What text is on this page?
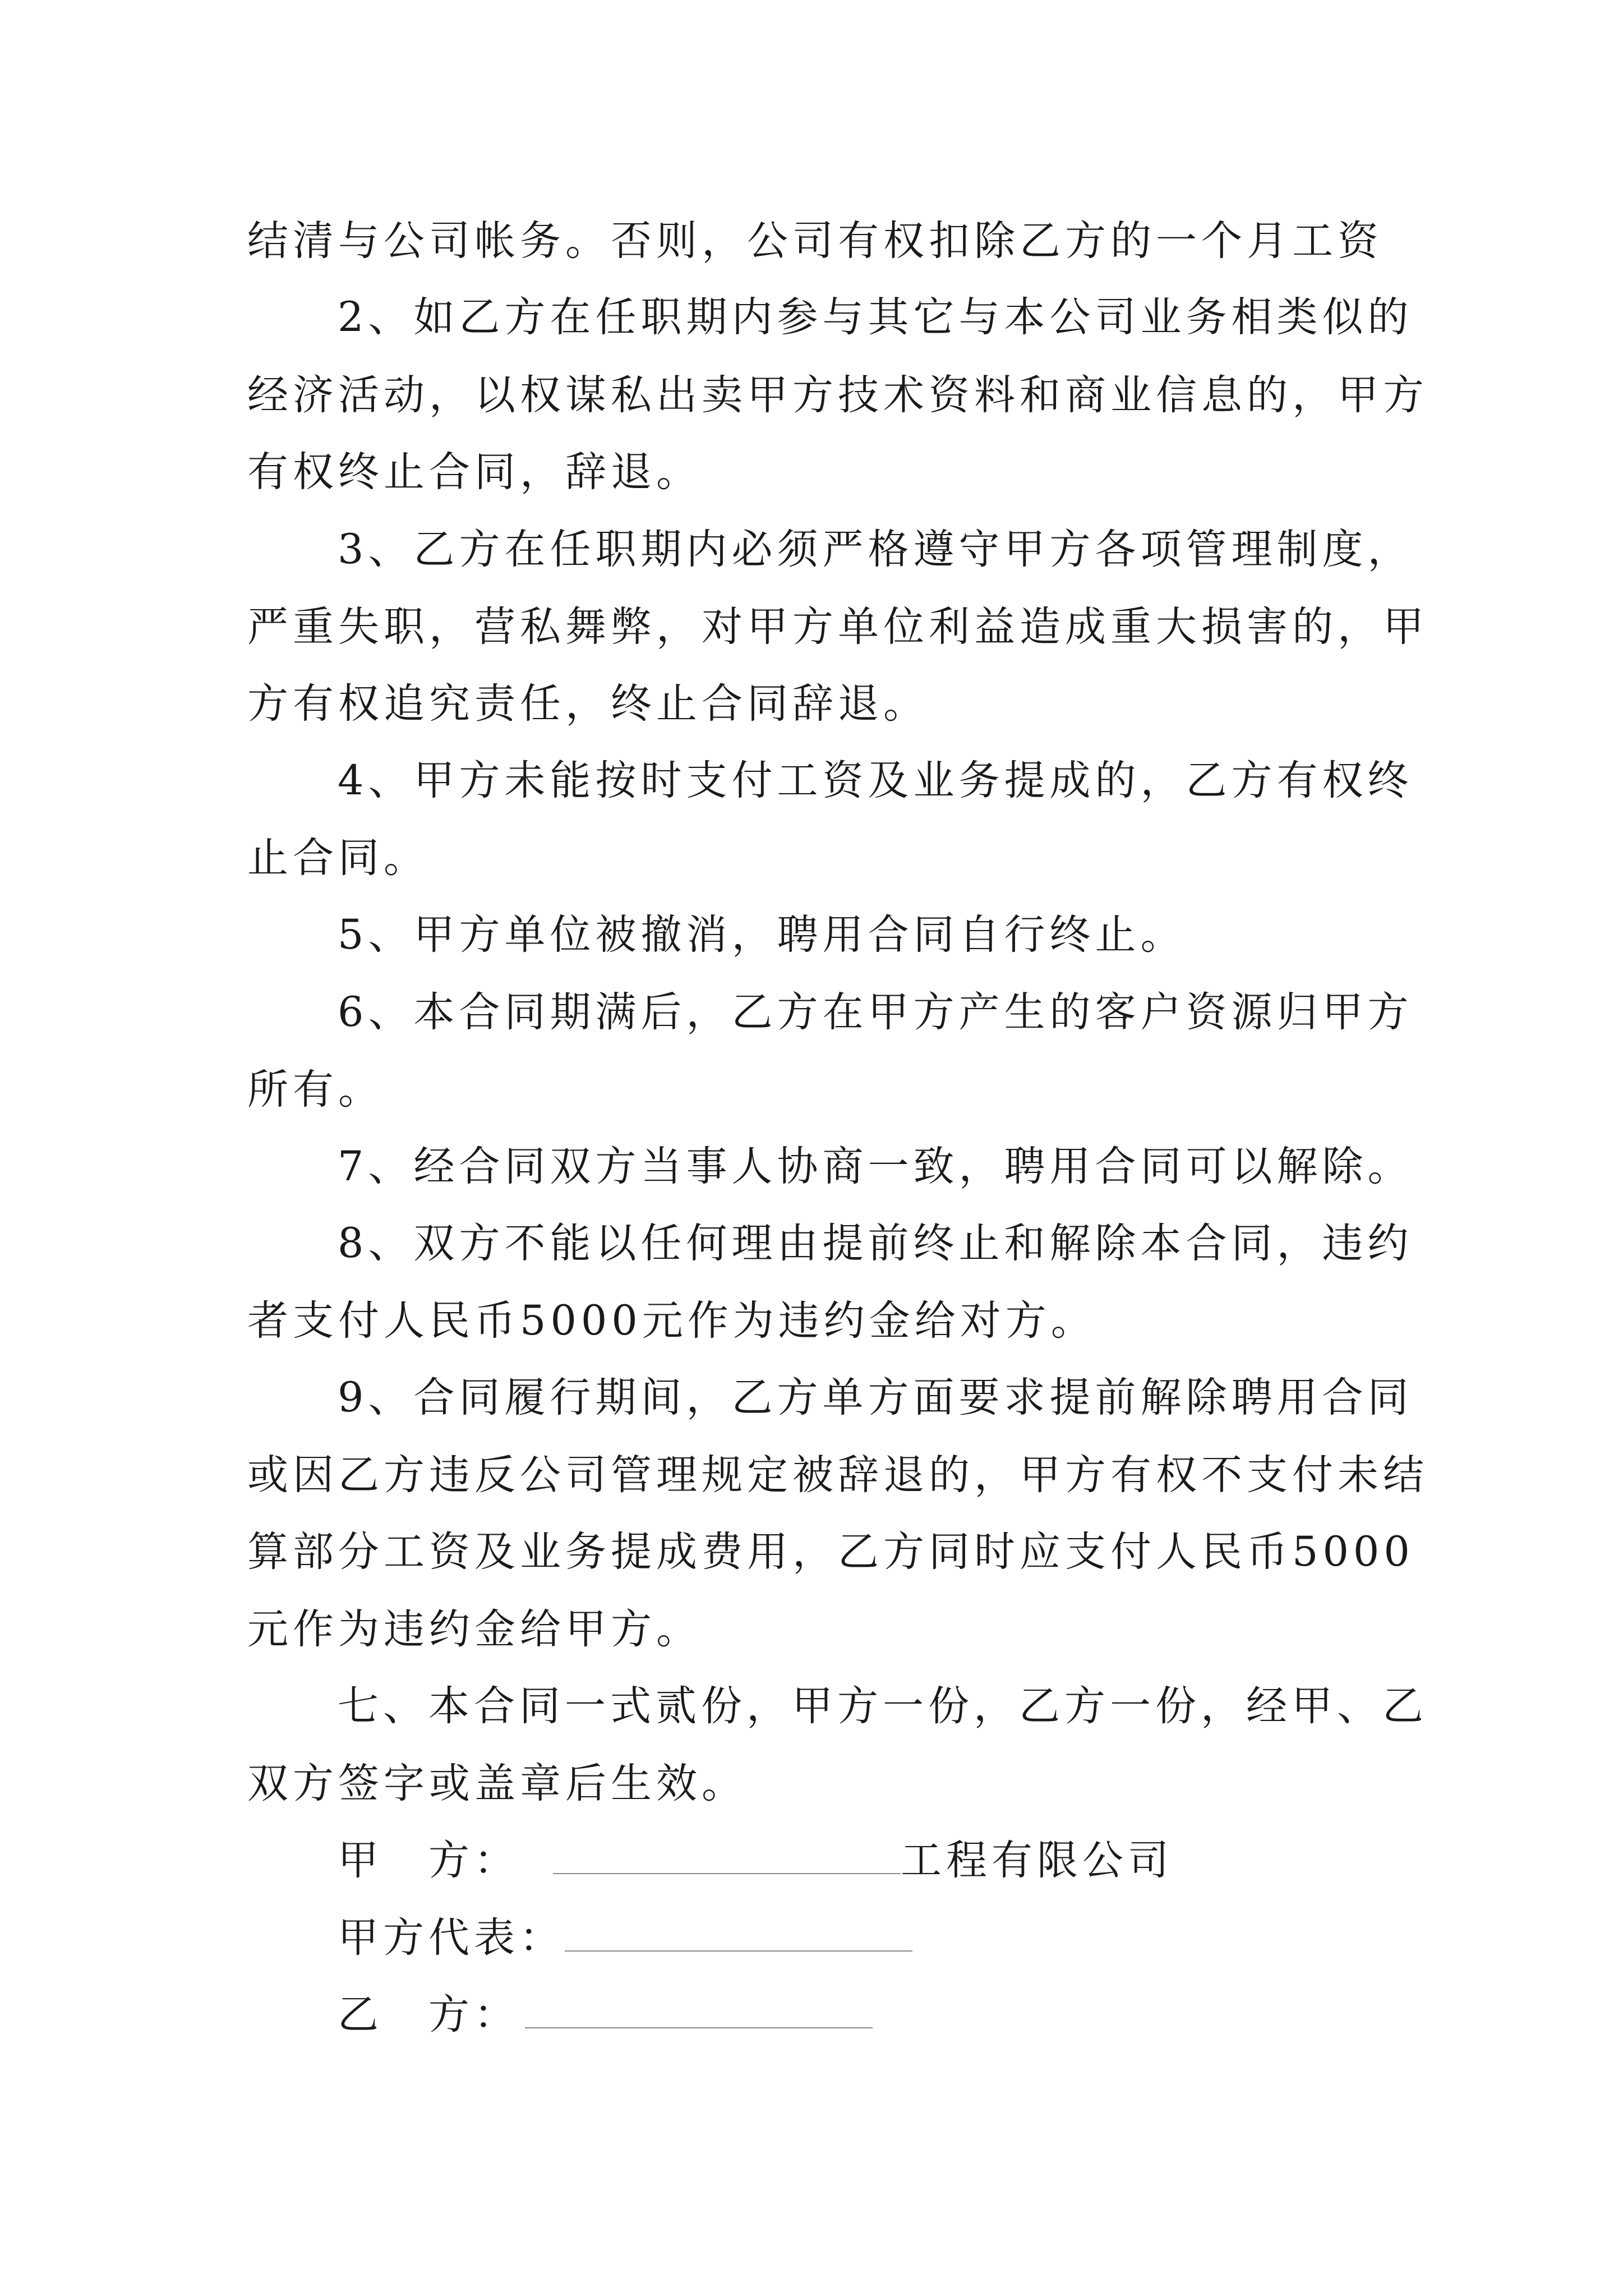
结清与公司帐务。否则，公司有权扣除乙方的一个月工资
2、如乙方在任职期内参与其它与本公司业务相类似的
经济活动，以权谋私出卖甲方技术资料和商业信息的，甲方
有权终止合同，辞退。
3、乙方在任职期内必须严格遵守甲方各项管理制度，
严重失职，营私舞弊，对甲方单位利益造成重大损害的，甲
方有权追究责任，终止合同辞退。
4、甲方未能按时支付工资及业务提成的，乙方有权终
止合同。
5、甲方单位被撤消，聘用合同自行终止。
6、本合同期满后，乙方在甲方产生的客户资源归甲方
所有。
7、经合同双方当事人协商一致，聘用合同可以解除。
8、双方不能以任何理由提前终止和解除本合同，违约
者支付人民币5000元作为违约金给对方。
9、合同履行期间，乙方单方面要求提前解除聘用合同
或因乙方违反公司管理规定被辞退的，甲方有权不支付未结
算部分工资及业务提成费用，乙方同时应支付人民币5000
元作为违约金给甲方。
七、本合同一式贰份，甲方一份，乙方一份，经甲、乙
双方签字或盖章后生效。
甲　方：	工程有限公司
甲方代表：
乙　方：
